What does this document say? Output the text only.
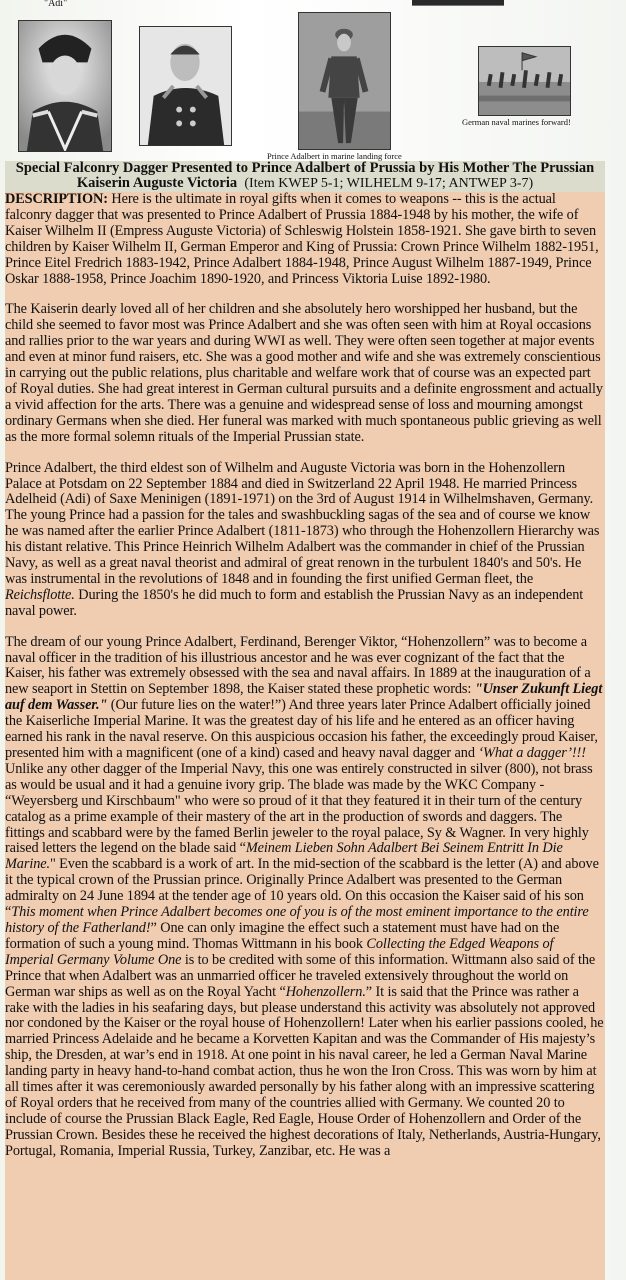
"Adi"
Prince Adalbert in marine landing force
German naval marines forward!
Special Falconry Dagger Presented to Prince Adalbert of Prussia by His Mother The Prussian Kaiserin Auguste Victoria (Item KWEP 5-1; WILHELM 9-17; ANTWEP 3-7)

DESCRIPTION: Here is the ultimate in royal gifts when it comes to weapons -- this is the actual falconry dagger that was presented to Prince Adalbert of Prussia 1884-1948 by his mother, the wife of Kaiser Wilhelm II (Empress Auguste Victoria) of Schleswig Holstein 1858-1921. She gave birth to seven children by Kaiser Wilhelm II, German Emperor and King of Prussia: Crown Prince Wilhelm 1882-1951, Prince Eitel Fredrich 1883-1942, Prince Adalbert 1884-1948, Prince August Wilhelm 1887-1949, Prince Oskar 1888-1958, Prince Joachim 1890-1920, and Princess Viktoria Luise 1892-1980.

The Kaiserin dearly loved all of her children and she absolutely hero worshipped her husband, but the child she seemed to favor most was Prince Adalbert and she was often seen with him at Royal occasions and rallies prior to the war years and during WWI as well. They were often seen together at major events and even at minor fund raisers, etc. She was a good mother and wife and she was extremely conscientious in carrying out the public relations, plus charitable and welfare work that of course was an expected part of Royal duties. She had great interest in German cultural pursuits and a definite engrossment and actually a vivid affection for the arts. There was a genuine and widespread sense of loss and mourning amongst ordinary Germans when she died. Her funeral was marked with much spontaneous public grieving as well as the more formal solemn rituals of the Imperial Prussian state.

Prince Adalbert, the third eldest son of Wilhelm and Auguste Victoria was born in the Hohenzollern Palace at Potsdam on 22 September 1884 and died in Switzerland 22 April 1948. He married Princess Adelheid (Adi) of Saxe Meninigen (1891-1971) on the 3rd of August 1914 in Wilhelmshaven, Germany. The young Prince had a passion for the tales and swashbuckling sagas of the sea and of course we know he was named after the earlier Prince Adalbert (1811-1873) who through the Hohenzollern Hierarchy was his distant relative. This Prince Heinrich Wilhelm Adalbert was the commander in chief of the Prussian Navy, as well as a great naval theorist and admiral of great renown in the turbulent 1840's and 50's. He was instrumental in the revolutions of 1848 and in founding the first unified German fleet, the Reichsflotte. During the 1850's he did much to form and establish the Prussian Navy as an independent naval power.

The dream of our young Prince Adalbert, Ferdinand, Berenger Viktor, “Hohenzollern” was to become a naval officer in the tradition of his illustrious ancestor and he was ever cognizant of the fact that the Kaiser, his father was extremely obsessed with the sea and naval affairs. In 1889 at the inauguration of a new seaport in Stettin on September 1898, the Kaiser stated these prophetic words: "Unser Zukunft Liegt auf dem Wasser." (Our future lies on the water!”) And three years later Prince Adalbert officially joined the Kaiserliche Imperial Marine. It was the greatest day of his life and he entered as an officer having earned his rank in the naval reserve. On this auspicious occasion his father, the exceedingly proud Kaiser, presented him with a magnificent (one of a kind) cased and heavy naval dagger and ‘What a dagger’!!! Unlike any other dagger of the Imperial Navy, this one was entirely constructed in silver (800), not brass as would be usual and it had a genuine ivory grip. The blade was made by the WKC Company - “Weyersberg und Kirschbaum" who were so proud of it that they featured it in their turn of the century catalog as a prime example of their mastery of the art in the production of swords and daggers. The fittings and scabbard were by the famed Berlin jeweler to the royal palace, Sy & Wagner. In very highly raised letters the legend on the blade said “Meinem Lieben Sohn Adalbert Bei Seinem Entritt In Die Marine." Even the scabbard is a work of art. In the mid-section of the scabbard is the letter (A) and above it the typical crown of the Prussian prince. Originally Prince Adalbert was presented to the German admiralty on 24 June 1894 at the tender age of 10 years old. On this occasion the Kaiser said of his son “This moment when Prince Adalbert becomes one of you is of the most eminent importance to the entire history of the Fatherland!” One can only imagine the effect such a statement must have had on the formation of such a young mind. Thomas Wittmann in his book Collecting the Edged Weapons of Imperial Germany Volume One is to be credited with some of this information. Wittmann also said of the Prince that when Adalbert was an unmarried officer he traveled extensively throughout the world on German war ships as well as on the Royal Yacht “Hohenzollern.” It is said that the Prince was rather a rake with the ladies in his seafaring days, but please understand this activity was absolutely not approved nor condoned by the Kaiser or the royal house of Hohenzollern! Later when his earlier passions cooled, he married Princess Adelaide and he became a Korvetten Kapitan and was the Commander of His majesty’s ship, the Dresden, at war’s end in 1918. At one point in his naval career, he led a German Naval Marine landing party in heavy hand-to-hand combat action, thus he won the Iron Cross. This was worn by him at all times after it was ceremoniously awarded personally by his father along with an impressive scattering of Royal orders that he received from many of the countries allied with Germany. We counted 20 to include of course the Prussian Black Eagle, Red Eagle, House Order of Hohenzollern and Order of the Prussian Crown. Besides these he received the highest decorations of Italy, Netherlands, Austria-Hungary, Portugal, Romania, Imperial Russia, Turkey, Zanzibar, etc. He was a
